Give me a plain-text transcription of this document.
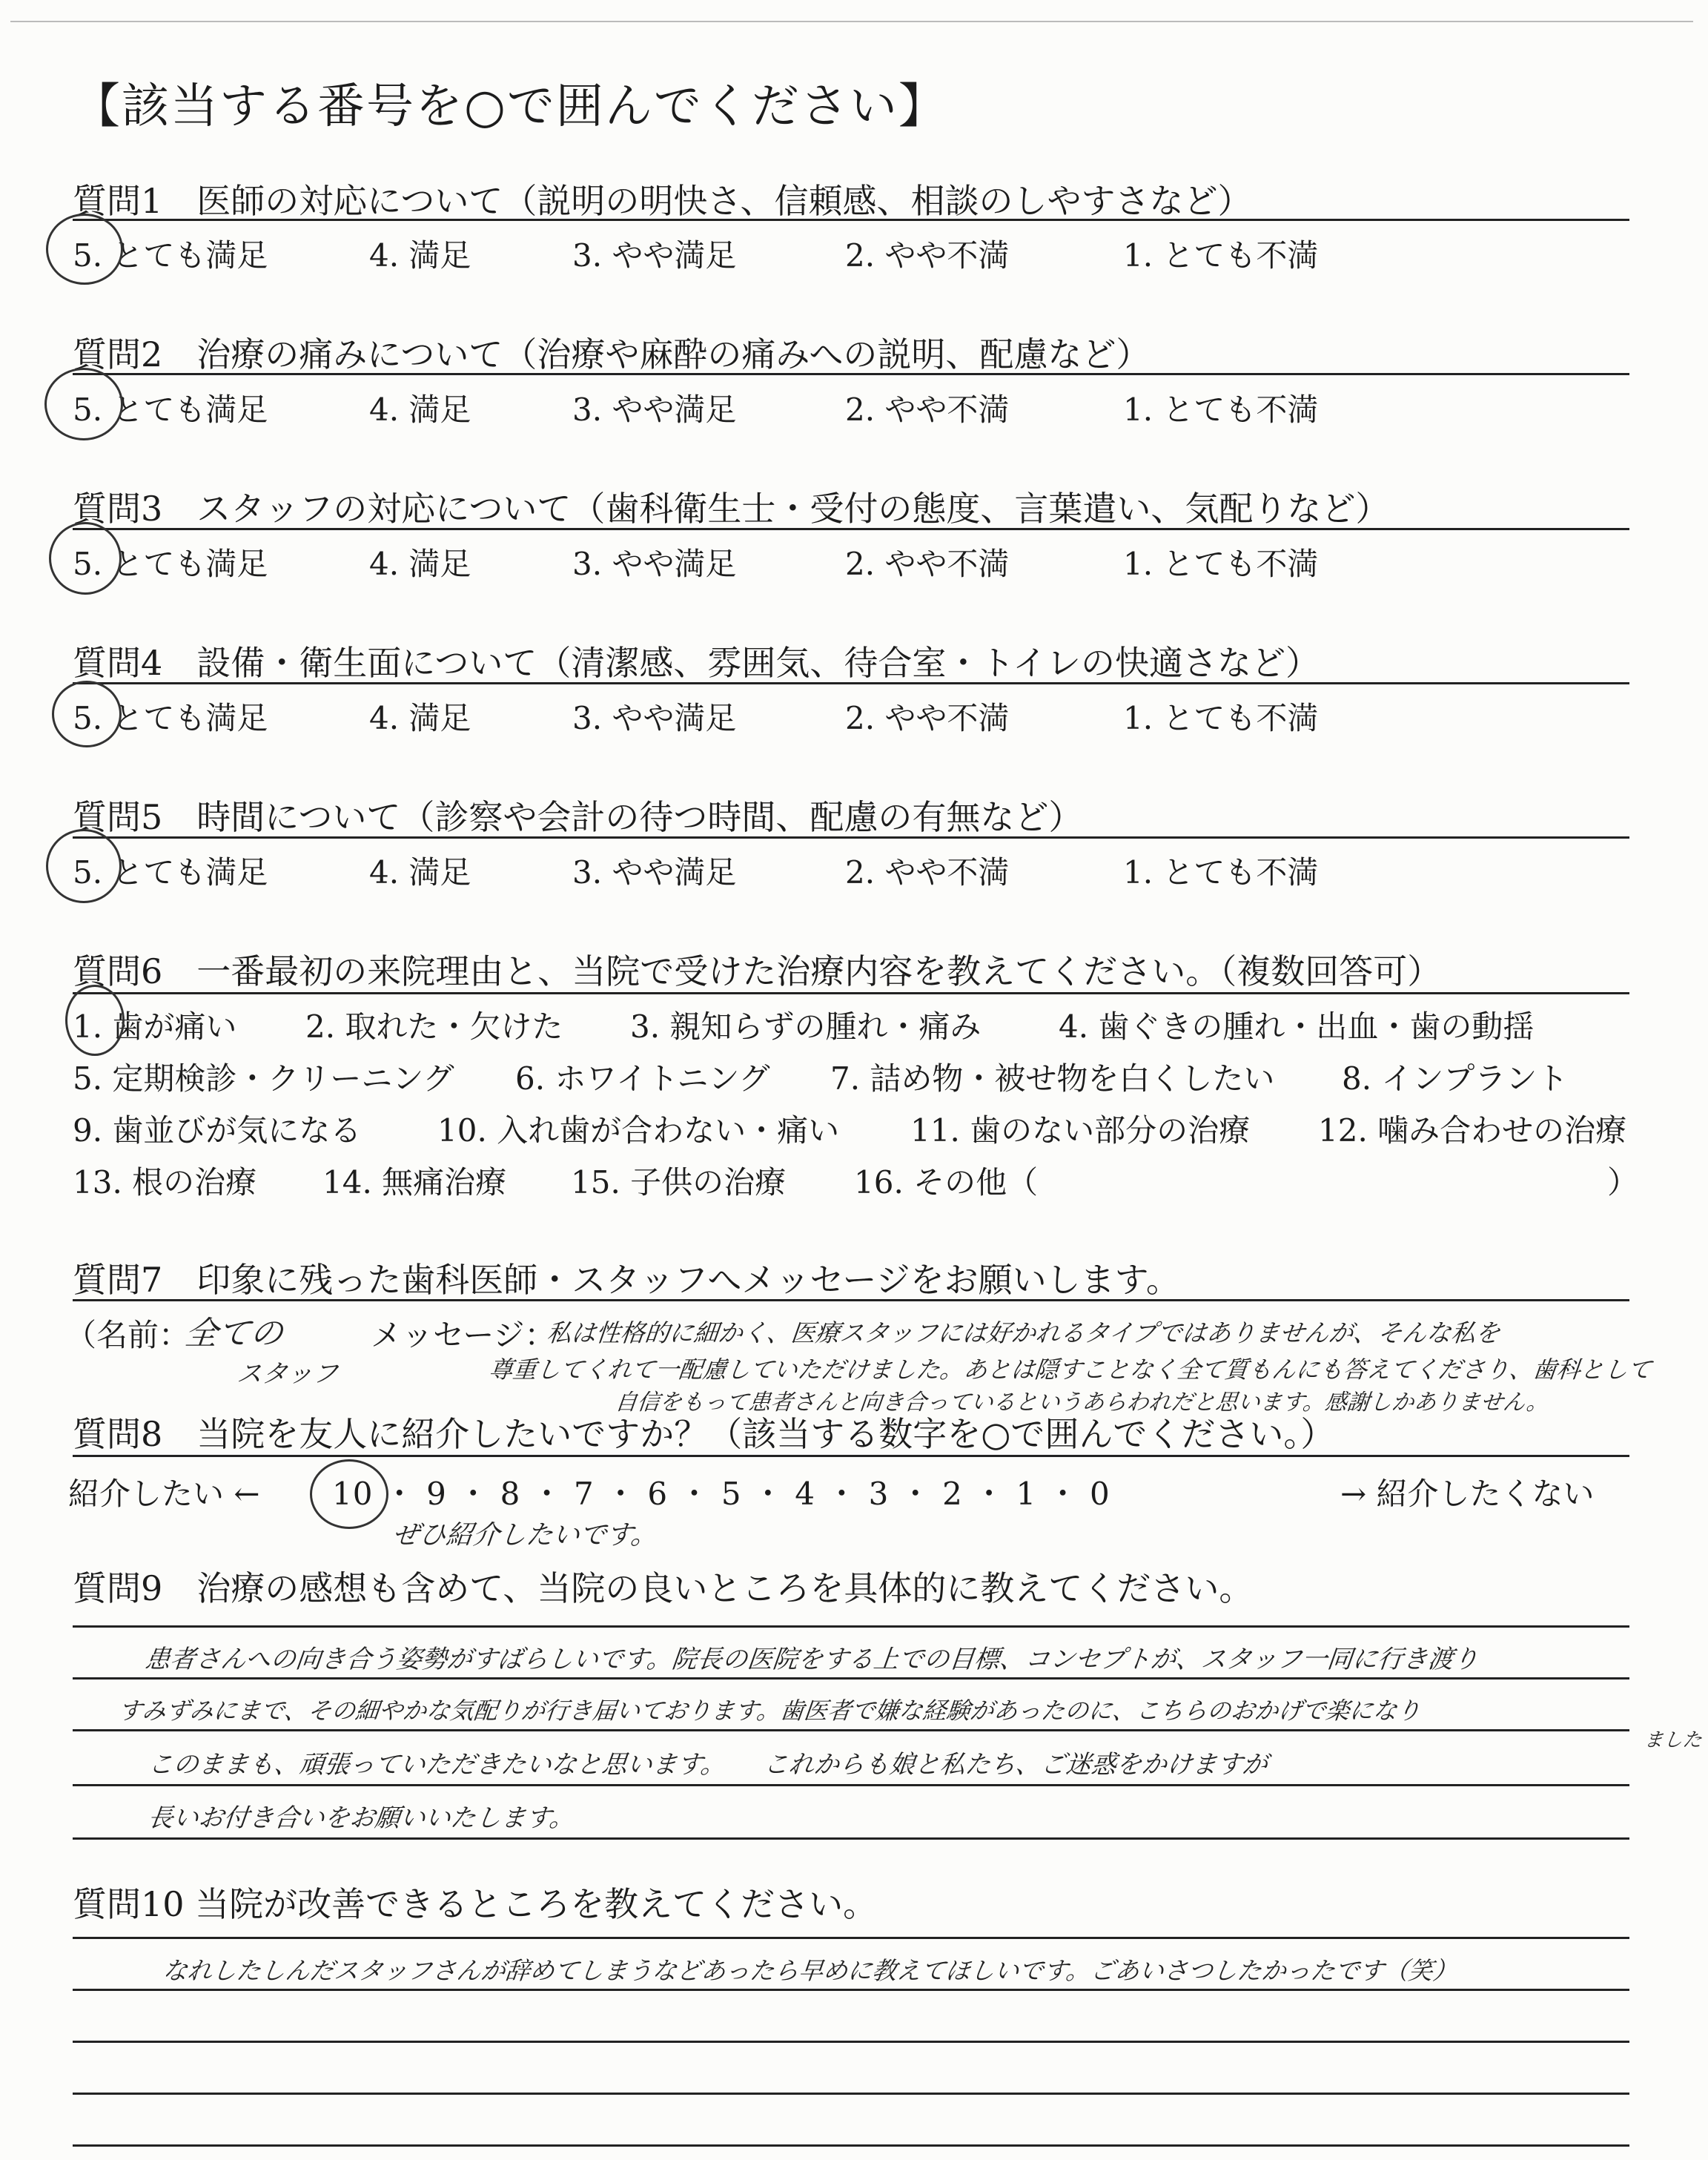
【該当する番号を○で囲んでください】
質問1　医師の対応について（説明の明快さ、信頼感、相談のしやすさなど）
5. とても満足	4. 満足	3. やや満足	2. やや不満	1. とても不満
質問2　治療の痛みについて（治療や麻酔の痛みへの説明、配慮など）
5. とても満足	4. 満足	3. やや満足	2. やや不満	1. とても不満
質問3　スタッフの対応について（歯科衛生士・受付の態度、言葉遣い、気配りなど）
5. とても満足	4. 満足	3. やや満足	2. やや不満	1. とても不満
質問4　設備・衛生面について（清潔感、雰囲気、待合室・トイレの快適さなど）
5. とても満足	4. 満足	3. やや満足	2. やや不満	1. とても不満
質問5　時間について（診察や会計の待つ時間、配慮の有無など）
5. とても満足	4. 満足	3. やや満足	2. やや不満	1. とても不満
質問6　一番最初の来院理由と、当院で受けた治療内容を教えてください。（複数回答可）
1. 歯が痛い 2. 取れた・欠けた 3. 親知らずの腫れ・痛み 4. 歯ぐきの腫れ・出血・歯の動揺
5. 定期検診・クリーニング 6. ホワイトニング 7. 詰め物・被せ物を白くしたい 8. インプラント
9. 歯並びが気になる 10. 入れ歯が合わない・痛い 11. 歯のない部分の治療 12. 噛み合わせの治療
13. 根の治療 14. 無痛治療 15. 子供の治療 16. その他（	）
質問7　印象に残った歯科医師・スタッフへメッセージをお願いします。
（名前：
全ての
スタッフ
メッセージ：
私は性格的に細かく、医療スタッフには好かれるタイプではありませんが、そんな私を
尊重してくれて一配慮していただけました。あとは隠すことなく全て質もんにも答えてくださり、歯科として
自信をもって患者さんと向き合っているというあらわれだと思います。感謝しかありません。
質問8　当院を友人に紹介したいですか？（該当する数字を○で囲んでください。）
紹介したい ← 10 ・ 9 ・ 8 ・ 7 ・ 6 ・ 5 ・ 4 ・ 3 ・ 2 ・ 1 ・ 0	→ 紹介したくない
ぜひ紹介したいです。
質問9　治療の感想も含めて、当院の良いところを具体的に教えてください。
患者さんへの向き合う姿勢がすばらしいです。院長の医院をする上での目標、コンセプトが、スタッフ一同に行き渡り
すみずみにまで、その細やかな気配りが行き届いております。歯医者で嫌な経験があったのに、こちらのおかげで楽になり
ました
このままも、頑張っていただきたいなと思います。　　これからも娘と私たち、ご迷惑をかけますが
長いお付き合いをお願いいたします。
質問10 当院が改善できるところを教えてください。
なれしたしんだスタッフさんが辞めてしまうなどあったら早めに教えてほしいです。ごあいさつしたかったです（笑）
